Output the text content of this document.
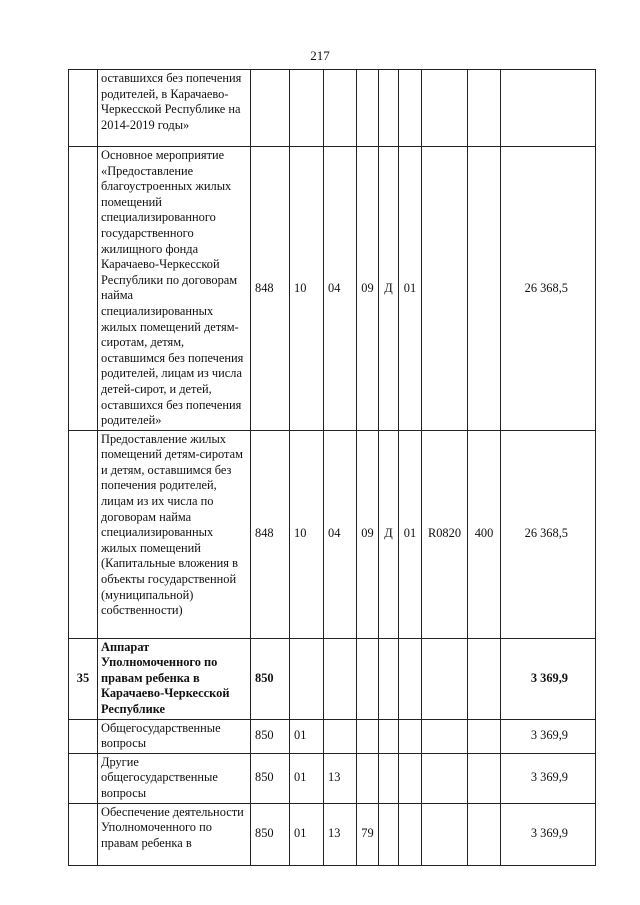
217
	оставшихся без попечения родителей, в Карачаево-Черкесской Республике на 2014-2019 годы»									
	Основное мероприятие «Предоставление благоустроенных жилых помещений специализированного государственного жилищного фонда Карачаево-Черкесской Республики по договорам найма специализированных жилых помещений детям-сиротам, детям, оставшимся без попечения родителей, лицам из числа детей-сирот, и детей, оставшихся без попечения родителей»	848	10	04	09	Д	01			26 368,5
	Предоставление жилых помещений детям-сиротам и детям, оставшимся без попечения родителей, лицам из их числа по договорам найма специализированных жилых помещений (Капитальные вложения в объекты государственной (муниципальной) собственности)	848	10	04	09	Д	01	R0820	400	26 368,5
35	Аппарат Уполномоченного по правам ребенка в Карачаево-Черкесской Республике	850								3 369,9
	Общегосударственные вопросы	850	01							3 369,9
	Другие общегосударственные вопросы	850	01	13						3 369,9
	Обеспечение деятельности Уполномоченного по правам ребенка в	850	01	13	79					3 369,9
